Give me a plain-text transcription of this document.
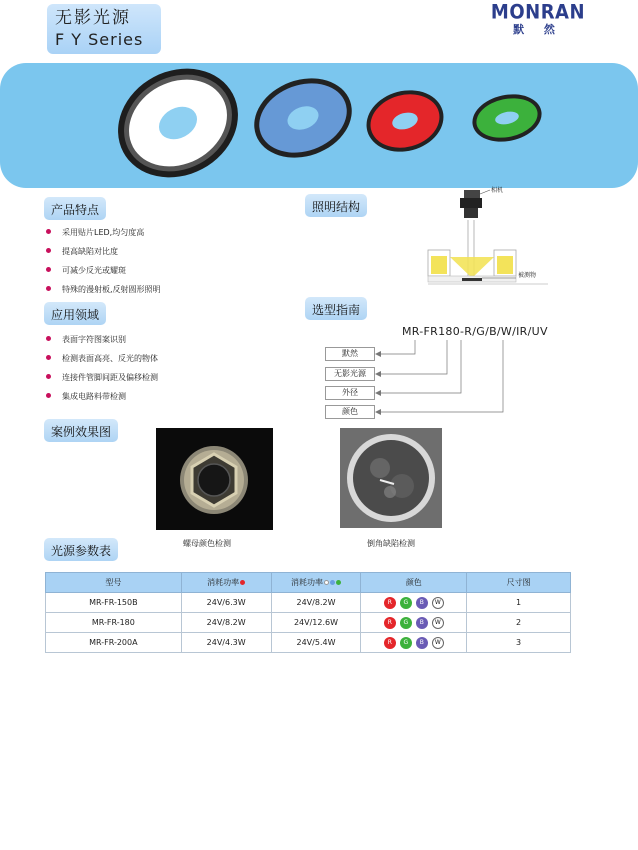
无影光源
F Y Series
MONRAN
默 然
产品特点
采用贴片LED,均匀度高
提高缺陷对比度
可减少反光或耀斑
特殊的漫射板,反射圆形照明
应用领域
表面字符图案识别
检测表面高亮、反光的物体
连接件管脚间距及偏移检测
集成电路料带检测
照明结构
相机
被测物
选型指南
MR-FR180-R/G/B/W/IR/UV
默然
无影光源
外径
颜色
案例效果图
螺母颜色检测	倒角缺陷检测
光源参数表
型号	消耗功率	消耗功率	颜色	尺寸图
MR-FR-150B	24V/6.3W	24V/8.2W	R G B W	1
MR-FR-180	24V/8.2W	24V/12.6W	R G B W	2
MR-FR-200A	24V/4.3W	24V/5.4W	R G B W	3
